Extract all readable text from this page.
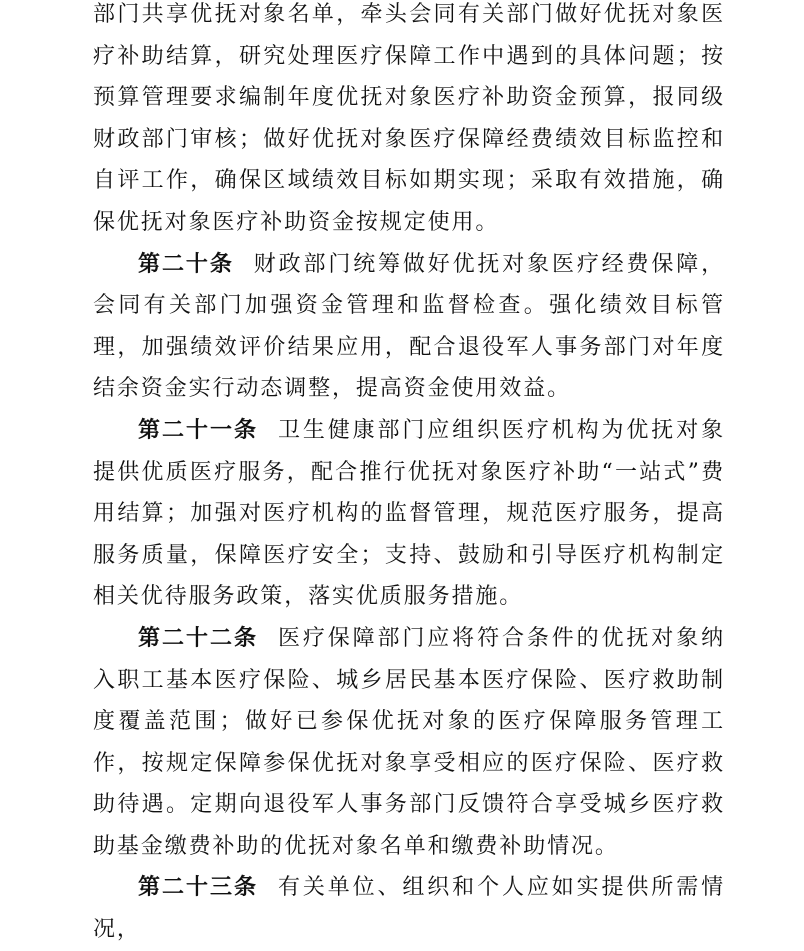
部门共享优抚对象名单，牵头会同有关部门做好优抚对象医疗补助结算，研究处理医疗保障工作中遇到的具体问题；按预算管理要求编制年度优抚对象医疗补助资金预算，报同级财政部门审核；做好优抚对象医疗保障经费绩效目标监控和自评工作，确保区域绩效目标如期实现；采取有效措施，确保优抚对象医疗补助资金按规定使用。

第二十条 财政部门统筹做好优抚对象医疗经费保障，会同有关部门加强资金管理和监督检查。强化绩效目标管理，加强绩效评价结果应用，配合退役军人事务部门对年度结余资金实行动态调整，提高资金使用效益。

第二十一条 卫生健康部门应组织医疗机构为优抚对象提供优质医疗服务，配合推行优抚对象医疗补助“一站式”费用结算；加强对医疗机构的监督管理，规范医疗服务，提高服务质量，保障医疗安全；支持、鼓励和引导医疗机构制定相关优待服务政策，落实优质服务措施。

第二十二条 医疗保障部门应将符合条件的优抚对象纳入职工基本医疗保险、城乡居民基本医疗保险、医疗救助制度覆盖范围；做好已参保优抚对象的医疗保障服务管理工作，按规定保障参保优抚对象享受相应的医疗保险、医疗救助待遇。定期向退役军人事务部门反馈符合享受城乡医疗救助基金缴费补助的优抚对象名单和缴费补助情况。

第二十三条 有关单位、组织和个人应如实提供所需情况，
